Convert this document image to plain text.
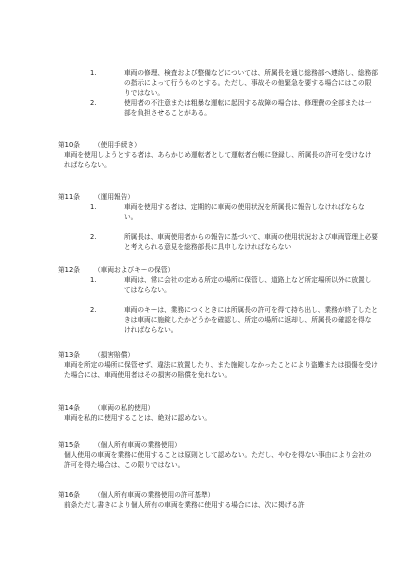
1.	車両の修理、検査および整備などについては、所属長を通じ総務部へ連絡し、総務部の指示によって行うものとする。ただし、事故その他緊急を要する場合にはこの限りではない。
2.	使用者の不注意または粗暴な運転に起因する故障の場合は、修理費の全部または一部を負担させることがある。
第10条 （使用手続き）

車両を使用しようとする者は、あらかじめ運転者として運転者台帳に登録し、所属長の許可を受けなければならない。

第11条 （運用報告）
1.	車両を使用する者は、定期的に車両の使用状況を所属長に報告しなければならない。
2.	所属長は、車両使用者からの報告に基づいて、車両の使用状況および車両管理上必要と考えられる意見を総務部長に具申しなければならない
第12条 （車両およびキーの保管）
1.	車両は、常に会社の定める所定の場所に保管し、道路上など所定場所以外に放置してはならない。
2.	車両のキーは、業務につくときには所属長の許可を得て持ち出し、業務が終了したときは車両に施錠したかどうかを確認し、所定の場所に返却し、所属長の確認を得なければならない。
第13条 （損害賠償）

車両を所定の場所に保管せず、違法に放置したり、また施錠しなかったことにより盗難または損傷を受けた場合には、車両使用者はその損害の賠償を免れない。

第14条 （車両の私的使用）

車両を私的に使用することは、絶対に認めない。

第15条 （個人所有車両の業務使用）

個人使用の車両を業務に使用することは原則として認めない。ただし、やむを得ない事由により会社の許可を得た場合は、この限りではない。

第16条 （個人所有車両の業務使用の許可基準）

前条ただし書きにより個人所有の車両を業務に使用する場合には、次に掲げる許
